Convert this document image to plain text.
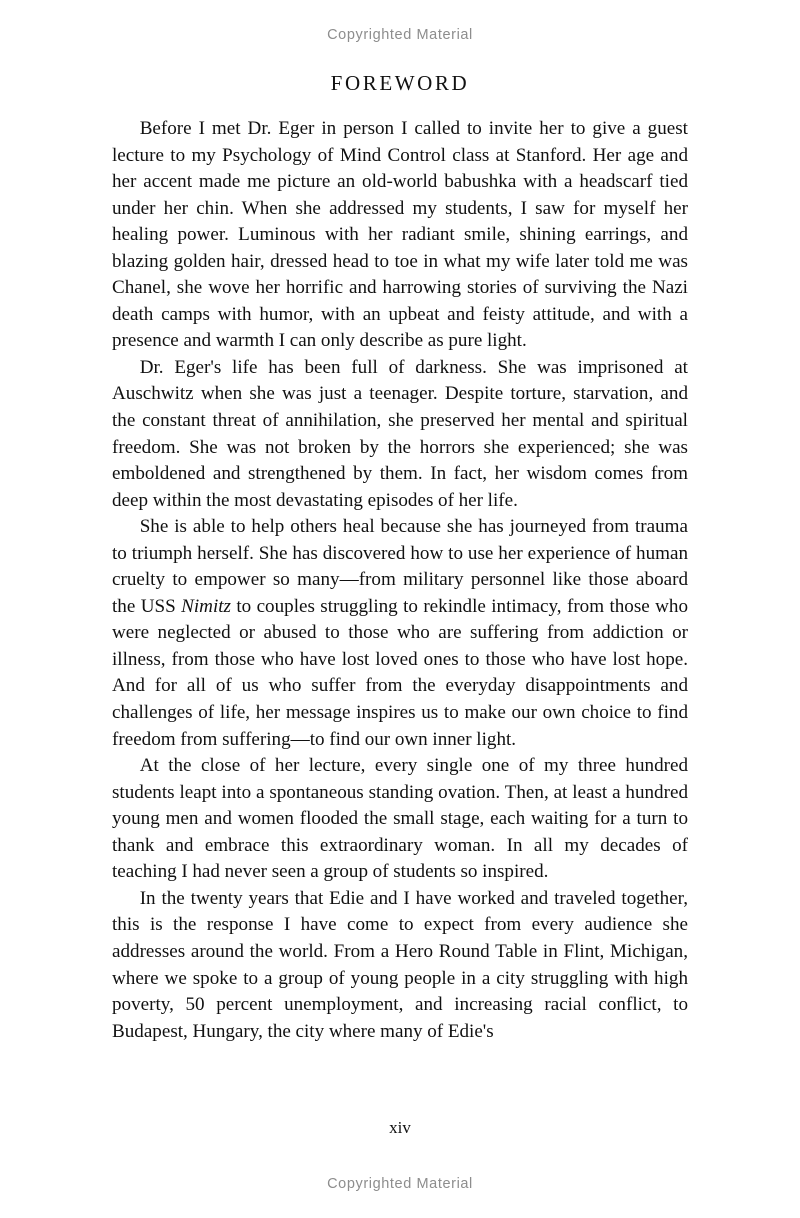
Copyrighted Material
FOREWORD

Before I met Dr. Eger in person I called to invite her to give a guest lecture to my Psychology of Mind Control class at Stanford. Her age and her accent made me picture an old-world babushka with a headscarf tied under her chin. When she addressed my students, I saw for myself her healing power. Luminous with her radiant smile, shining earrings, and blazing golden hair, dressed head to toe in what my wife later told me was Chanel, she wove her horrific and harrowing stories of surviving the Nazi death camps with humor, with an upbeat and feisty attitude, and with a presence and warmth I can only describe as pure light.

Dr. Eger's life has been full of darkness. She was imprisoned at Auschwitz when she was just a teenager. Despite torture, starvation, and the constant threat of annihilation, she preserved her mental and spiritual freedom. She was not broken by the horrors she experienced; she was emboldened and strengthened by them. In fact, her wisdom comes from deep within the most devastating episodes of her life.

She is able to help others heal because she has journeyed from trauma to triumph herself. She has discovered how to use her experience of human cruelty to empower so many—from military personnel like those aboard the USS Nimitz to couples struggling to rekindle intimacy, from those who were neglected or abused to those who are suffering from addiction or illness, from those who have lost loved ones to those who have lost hope. And for all of us who suffer from the everyday disappointments and challenges of life, her message inspires us to make our own choice to find freedom from suffering—to find our own inner light.

At the close of her lecture, every single one of my three hundred students leapt into a spontaneous standing ovation. Then, at least a hundred young men and women flooded the small stage, each waiting for a turn to thank and embrace this extraordinary woman. In all my decades of teaching I had never seen a group of students so inspired.

In the twenty years that Edie and I have worked and traveled together, this is the response I have come to expect from every audience she addresses around the world. From a Hero Round Table in Flint, Michigan, where we spoke to a group of young people in a city struggling with high poverty, 50 percent unemployment, and increasing racial conflict, to Budapest, Hungary, the city where many of Edie's

xiv
Copyrighted Material
